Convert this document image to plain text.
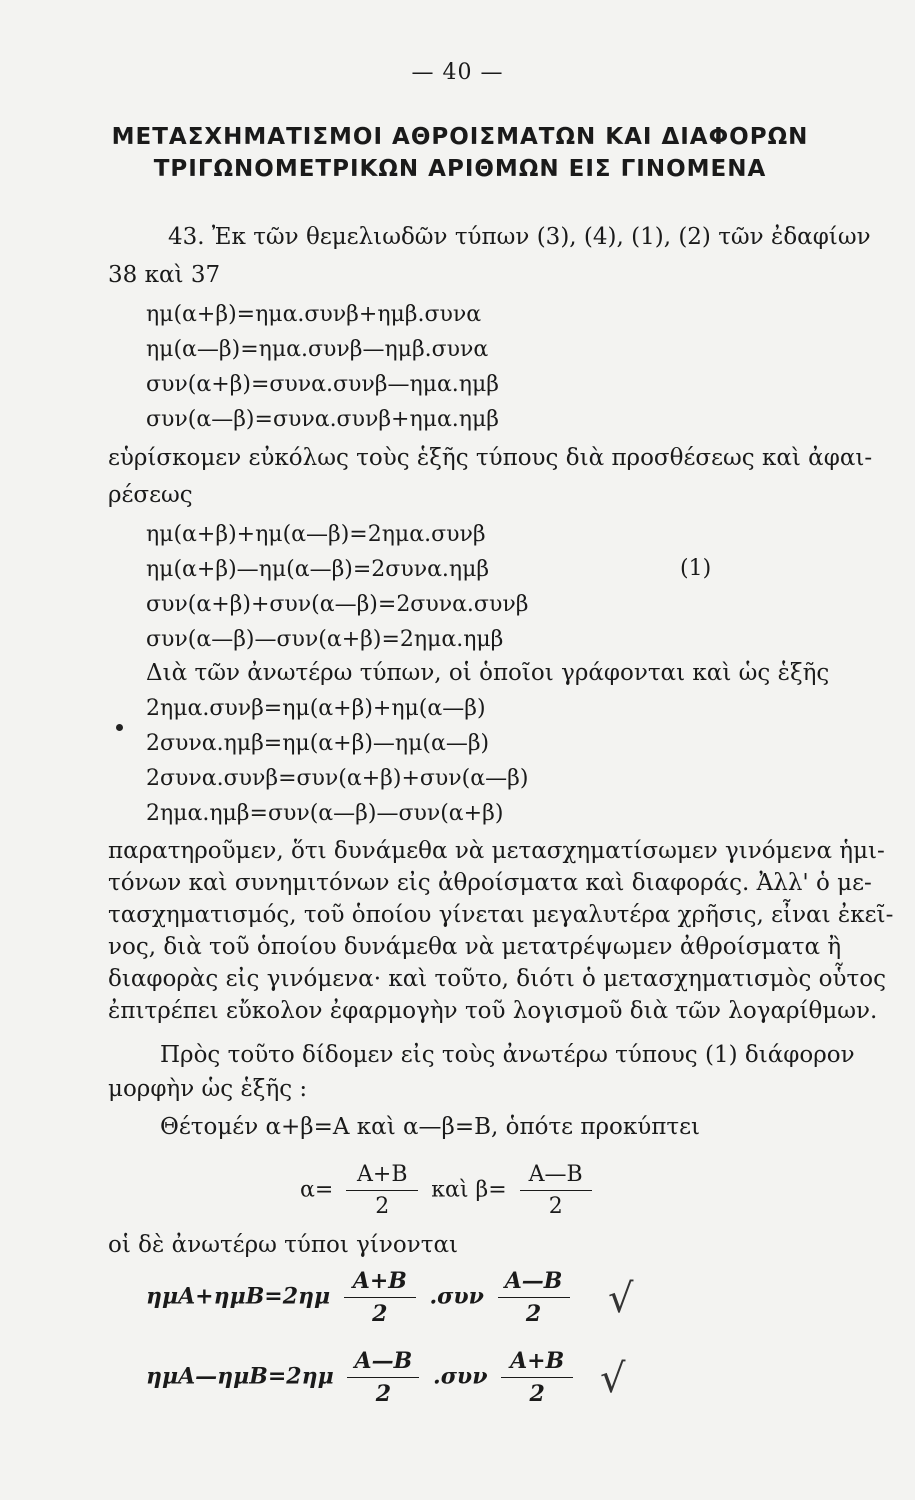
— 40 —
ΜΕΤΑΣΧΗΜΑΤΙΣΜΟΙ ΑΘΡΟΙΣΜΑΤΩΝ ΚΑΙ ΔΙΑΦΟΡΩΝ
ΤΡΙΓΩΝΟΜΕΤΡΙΚΩΝ ΑΡΙΘΜΩΝ ΕΙΣ ΓΙΝΟΜΕΝΑ
43. Ἐκ τῶν θεμελιωδῶν τύπων (3), (4), (1), (2) τῶν ἐδαφίων
38 καὶ 37
ημ(α+β)=ημα.συνβ+ημβ.συνα
ημ(α—β)=ημα.συνβ—ημβ.συνα
συν(α+β)=συνα.συνβ—ημα.ημβ
συν(α—β)=συνα.συνβ+ημα.ημβ
εὑρίσκομεν εὐκόλως τοὺς ἑξῆς τύπους διὰ προσθέσεως καὶ ἀφαι-
ρέσεως
ημ(α+β)+ημ(α—β)=2ημα.συνβ
ημ(α+β)—ημ(α—β)=2συνα.ημβ	(1)
συν(α+β)+συν(α—β)=2συνα.συνβ
συν(α—β)—συν(α+β)=2ημα.ημβ
Διὰ τῶν ἀνωτέρω τύπων, οἱ ὁποῖοι γράφονται καὶ ὡς ἑξῆς
2ημα.συνβ=ημ(α+β)+ημ(α—β)
2συνα.ημβ=ημ(α+β)—ημ(α—β)
2συνα.συνβ=συν(α+β)+συν(α—β)
2ημα.ημβ=συν(α—β)—συν(α+β)
παρατηροῦμεν, ὅτι δυνάμεθα νὰ μετασχηματίσωμεν γινόμενα ἡμι-
τόνων καὶ συνημιτόνων εἰς ἀθροίσματα καὶ διαφοράς. Ἀλλ' ὁ με-
τασχηματισμός, τοῦ ὁποίου γίνεται μεγαλυτέρα χρῆσις, εἶναι ἐκεῖ-
νος, διὰ τοῦ ὁποίου δυνάμεθα νὰ μετατρέψωμεν ἀθροίσματα ἢ
διαφορὰς εἰς γινόμενα· καὶ τοῦτο, διότι ὁ μετασχηματισμὸς οὗτος
ἐπιτρέπει εὔκολον ἐφαρμογὴν τοῦ λογισμοῦ διὰ τῶν λογαρίθμων.
Πρὸς τοῦτο δίδομεν εἰς τοὺς ἀνωτέρω τύπους (1) διάφορον
μορφὴν ὡς ἑξῆς :
Θέτομέν α+β=Α καὶ α—β=Β, ὁπότε προκύπτει
$\alpha= \frac{A+B}{2}$ καὶ $\beta= \frac{A—B}{2}$
οἱ δὲ ἀνωτέρω τύποι γίνονται
$\eta\mu A+\eta\mu B=2\eta\mu \frac{A+B}{2} .\sigma\upsilon\nu \frac{A—B}{2}$ √
ημΑ—ημΒ=2ημ $\frac{A—B}{2} .\sigma\upsilon\nu \frac{A+B}{2}$ √
